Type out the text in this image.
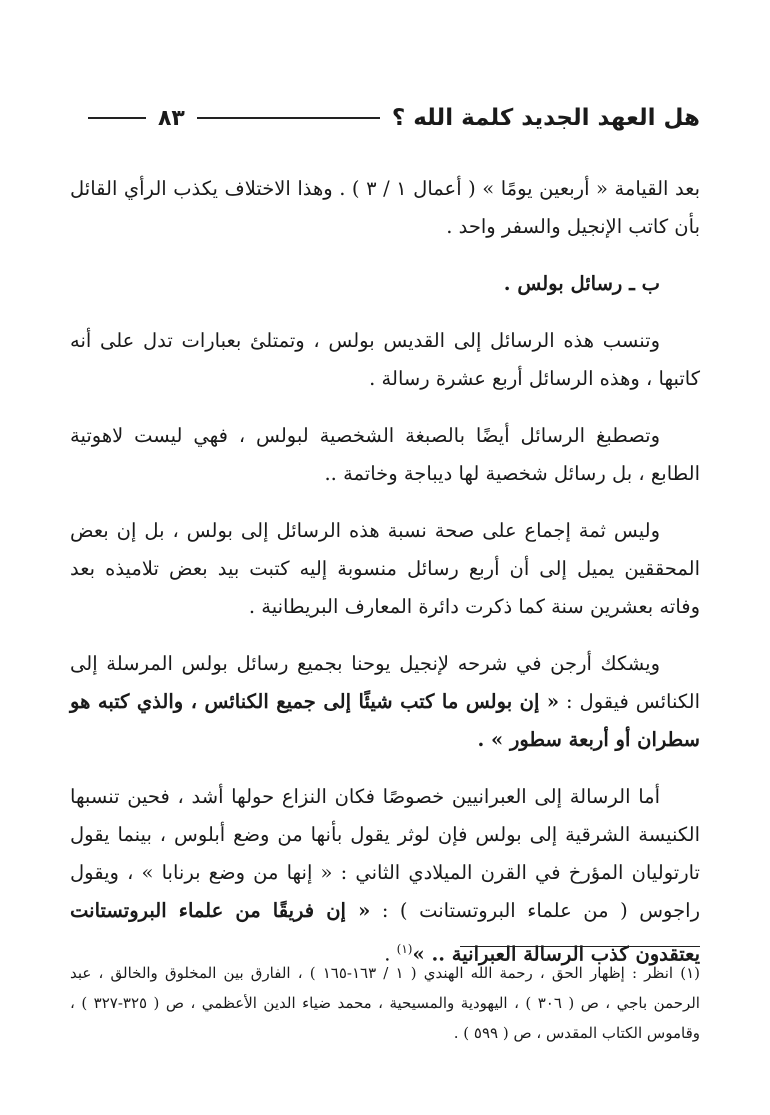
هل العهد الجديد كلمة الله ؟
٨٣

بعد القيامة « أربعين يومًا » ( أعمال ١ / ٣ ) . وهذا الاختلاف يكذب الرأي القائل بأن كاتب الإنجيل والسفر واحد .

ب ـ رسائل بولس .

وتنسب هذه الرسائل إلى القديس بولس ، وتمتلئ بعبارات تدل على أنه كاتبها ، وهذه الرسائل أربع عشرة رسالة .

وتصطبغ الرسائل أيضًا بالصبغة الشخصية لبولس ، فهي ليست لاهوتية الطابع ، بل رسائل شخصية لها ديباجة وخاتمة ..

وليس ثمة إجماع على صحة نسبة هذه الرسائل إلى بولس ، بل إن بعض المحققين يميل إلى أن أربع رسائل منسوبة إليه كتبت بيد بعض تلاميذه بعد وفاته بعشرين سنة كما ذكرت دائرة المعارف البريطانية .

ويشكك أرجن في شرحه لإنجيل يوحنا بجميع رسائل بولس المرسلة إلى الكنائس فيقول : « إن بولس ما كتب شيئًا إلى جميع الكنائس ، والذي كتبه هو سطران أو أربعة سطور » .

أما الرسالة إلى العبرانيين خصوصًا فكان النزاع حولها أشد ، فحين تنسبها الكنيسة الشرقية إلى بولس فإن لوثر يقول بأنها من وضع أبلوس ، بينما يقول تارتوليان المؤرخ في القرن الميلادي الثاني : « إنها من وضع برنابا » ، ويقول راجوس ( من علماء البروتستانت ) : « إن فريقًا من علماء البروتستانت يعتقدون كذب الرسالة العبرانية .. »$^{(١)}$ .

(١) انظر : إظهار الحق ، رحمة الله الهندي ( ١ / ١٦٣-١٦٥ ) ، الفارق بين المخلوق والخالق ، عبد الرحمن باجي ، ص ( ٣٠٦ ) ، اليهودية والمسيحية ، محمد ضياء الدين الأعظمي ، ص ( ٣٢٥-٣٢٧ ) ، وقاموس الكتاب المقدس ، ص ( ٥٩٩ ) .
